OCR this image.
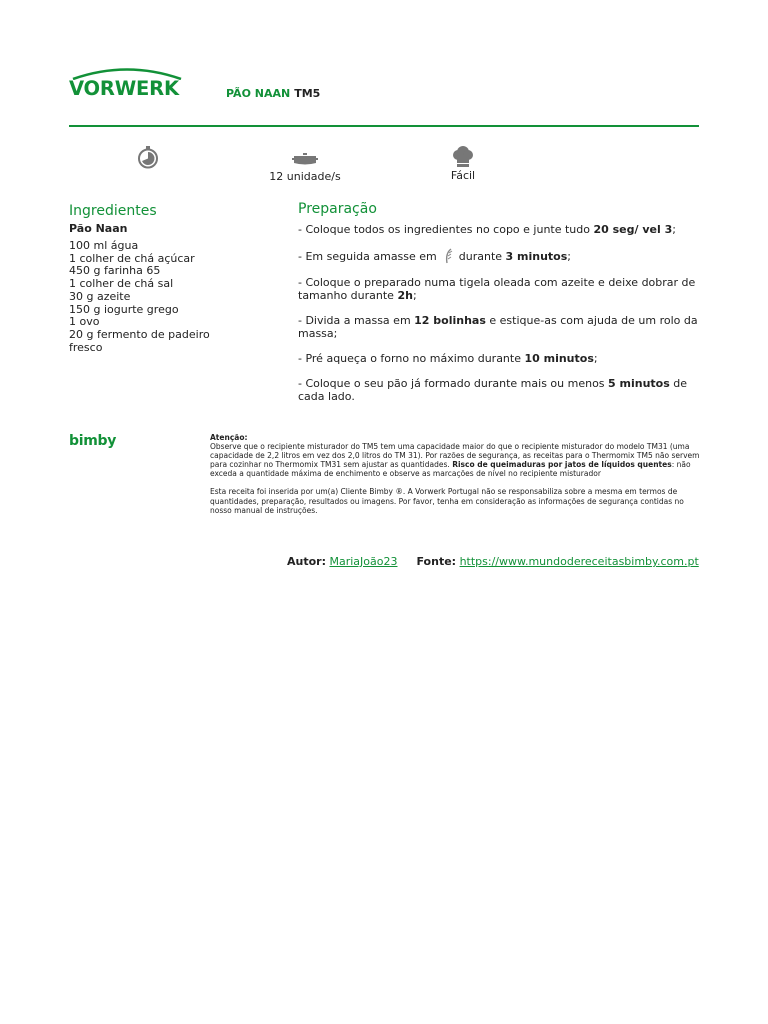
VORWERK	PÃO NAAN TM5
12 unidade/s	Fácil
Ingredientes
Pão Naan
100 ml água
1 colher de chá açúcar
450 g farinha 65
1 colher de chá sal
30 g azeite
150 g iogurte grego
1 ovo
20 g fermento de padeiro fresco
Preparação

- Coloque todos os ingredientes no copo e junte tudo 20 seg/ vel 3;

- Em seguida amasse em durante 3 minutos;

- Coloque o preparado numa tigela oleada com azeite e deixe dobrar de tamanho durante 2h;

- Divida a massa em 12 bolinhas e estique-as com ajuda de um rolo da massa;

- Pré aqueça o forno no máximo durante 10 minutos;

- Coloque o seu pão já formado durante mais ou menos 5 minutos de cada lado.

bimby	Atenção:
Observe que o recipiente misturador do TM5 tem uma capacidade maior do que o recipiente misturador do modelo TM31 (uma capacidade de 2,2 litros em vez dos 2,0 litros do TM 31). Por razões de segurança, as receitas para o Thermomix TM5 não servem para cozinhar no Thermomix TM31 sem ajustar as quantidades. Risco de queimaduras por jatos de líquidos quentes: não exceda a quantidade máxima de enchimento e observe as marcações de nível no recipiente misturador

Esta receita foi inserida por um(a) Cliente Bimby ®. A Vorwerk Portugal não se responsabiliza sobre a mesma em termos de quantidades, preparação, resultados ou imagens. Por favor, tenha em consideração as informações de segurança contidas no nosso manual de instruções.

Autor: MariaJoão23 Fonte: https://www.mundodereceitasbimby.com.pt
